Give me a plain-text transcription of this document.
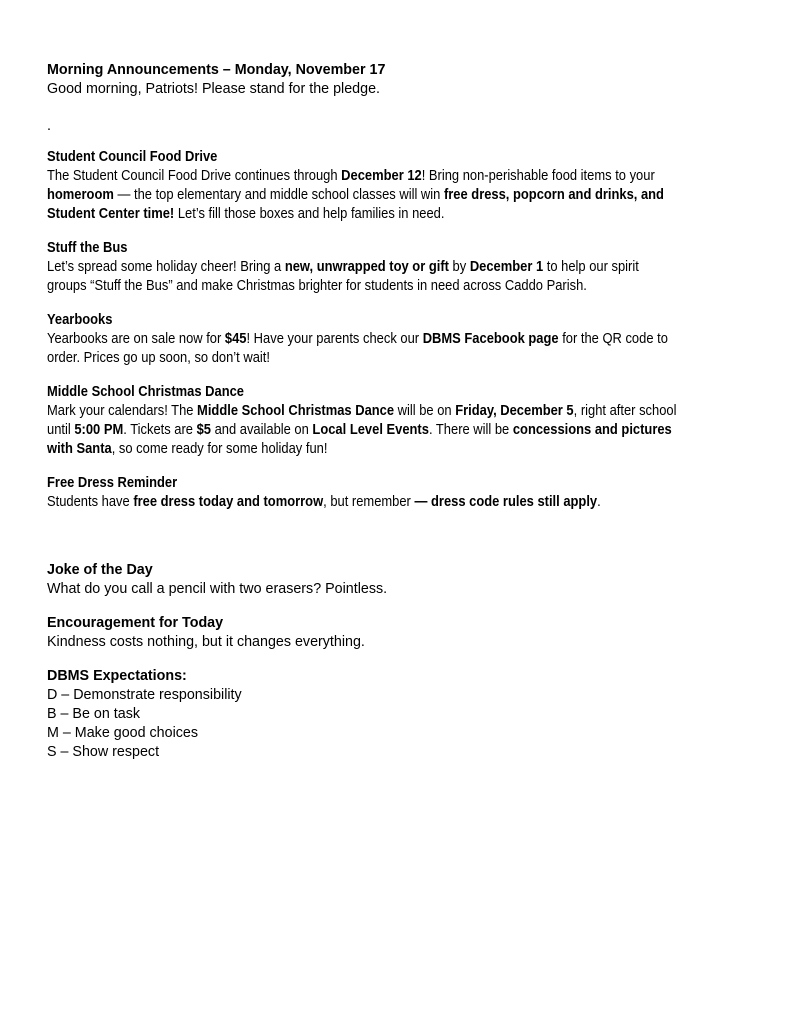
Morning Announcements – Monday, November 17
Good morning, Patriots! Please stand for the pledge.
.
Student Council Food Drive
The Student Council Food Drive continues through December 12! Bring non-perishable food items to your
homeroom — the top elementary and middle school classes will win free dress, popcorn and drinks, and
Student Center time! Let’s fill those boxes and help families in need.
Stuff the Bus
Let’s spread some holiday cheer! Bring a new, unwrapped toy or gift by December 1 to help our spirit
groups “Stuff the Bus” and make Christmas brighter for students in need across Caddo Parish.
Yearbooks
Yearbooks are on sale now for $45! Have your parents check our DBMS Facebook page for the QR code to
order. Prices go up soon, so don’t wait!
Middle School Christmas Dance
Mark your calendars! The Middle School Christmas Dance will be on Friday, December 5, right after school
until 5:00 PM. Tickets are $5 and available on Local Level Events. There will be concessions and pictures
with Santa, so come ready for some holiday fun!
Free Dress Reminder
Students have free dress today and tomorrow, but remember — dress code rules still apply.
Joke of the Day
What do you call a pencil with two erasers? Pointless.
Encouragement for Today
Kindness costs nothing, but it changes everything.
DBMS Expectations:
D – Demonstrate responsibility
B – Be on task
M – Make good choices
S – Show respect
